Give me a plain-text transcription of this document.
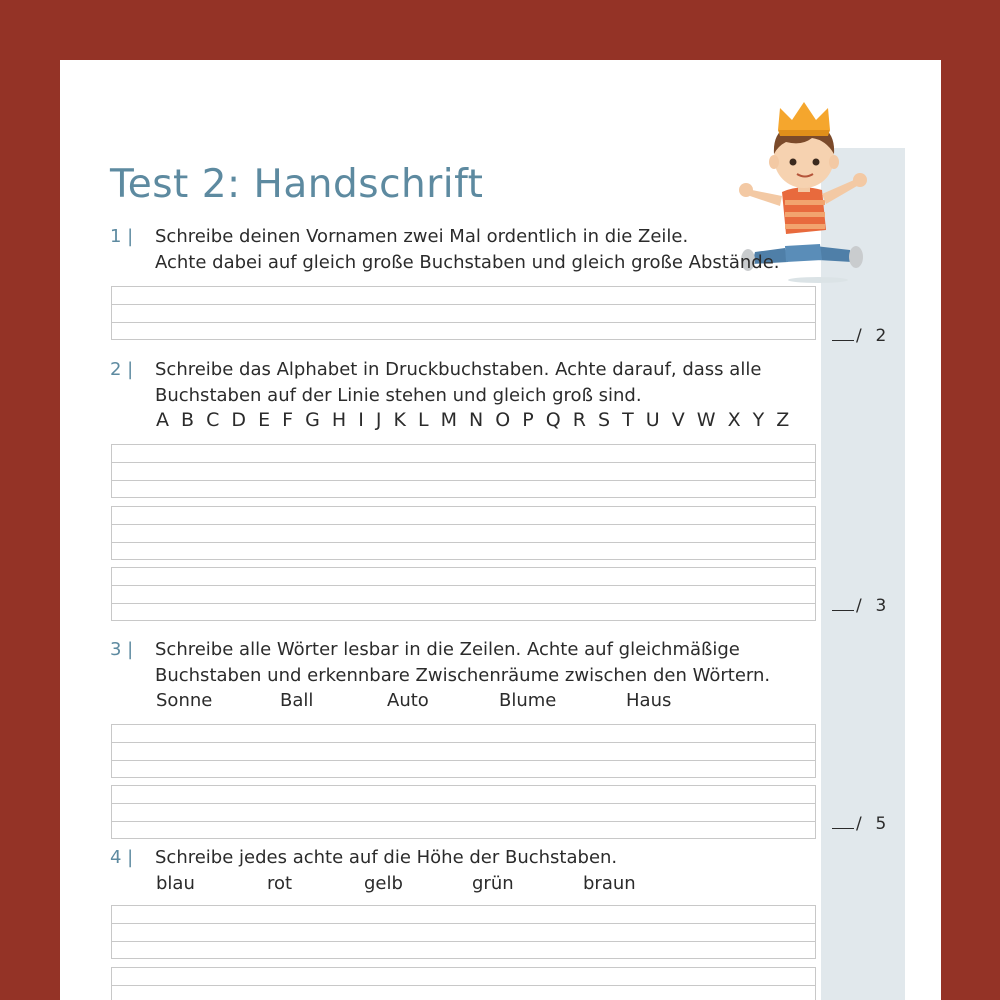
Test 2: Handschrift
1 | Schreibe deinen Vornamen zwei Mal ordentlich in die Zeile.
Achte dabei auf gleich große Buchstaben und gleich große Abstände.
/ 2
2 | Schreibe das Alphabet in Druckbuchstaben. Achte darauf, dass alle
Buchstaben auf der Linie stehen und gleich groß sind.
A B C D E F G H I J K L M N O P Q R S T U V W X Y Z
/ 3
3 | Schreibe alle Wörter lesbar in die Zeilen. Achte auf gleichmäßige
Buchstaben und erkennbare Zwischenräume zwischen den Wörtern.
Sonne	Ball	Auto	Blume	Haus
/ 5
4 | Schreibe jedes achte auf die Höhe der Buchstaben.
blau	rot	gelb	grün	braun
